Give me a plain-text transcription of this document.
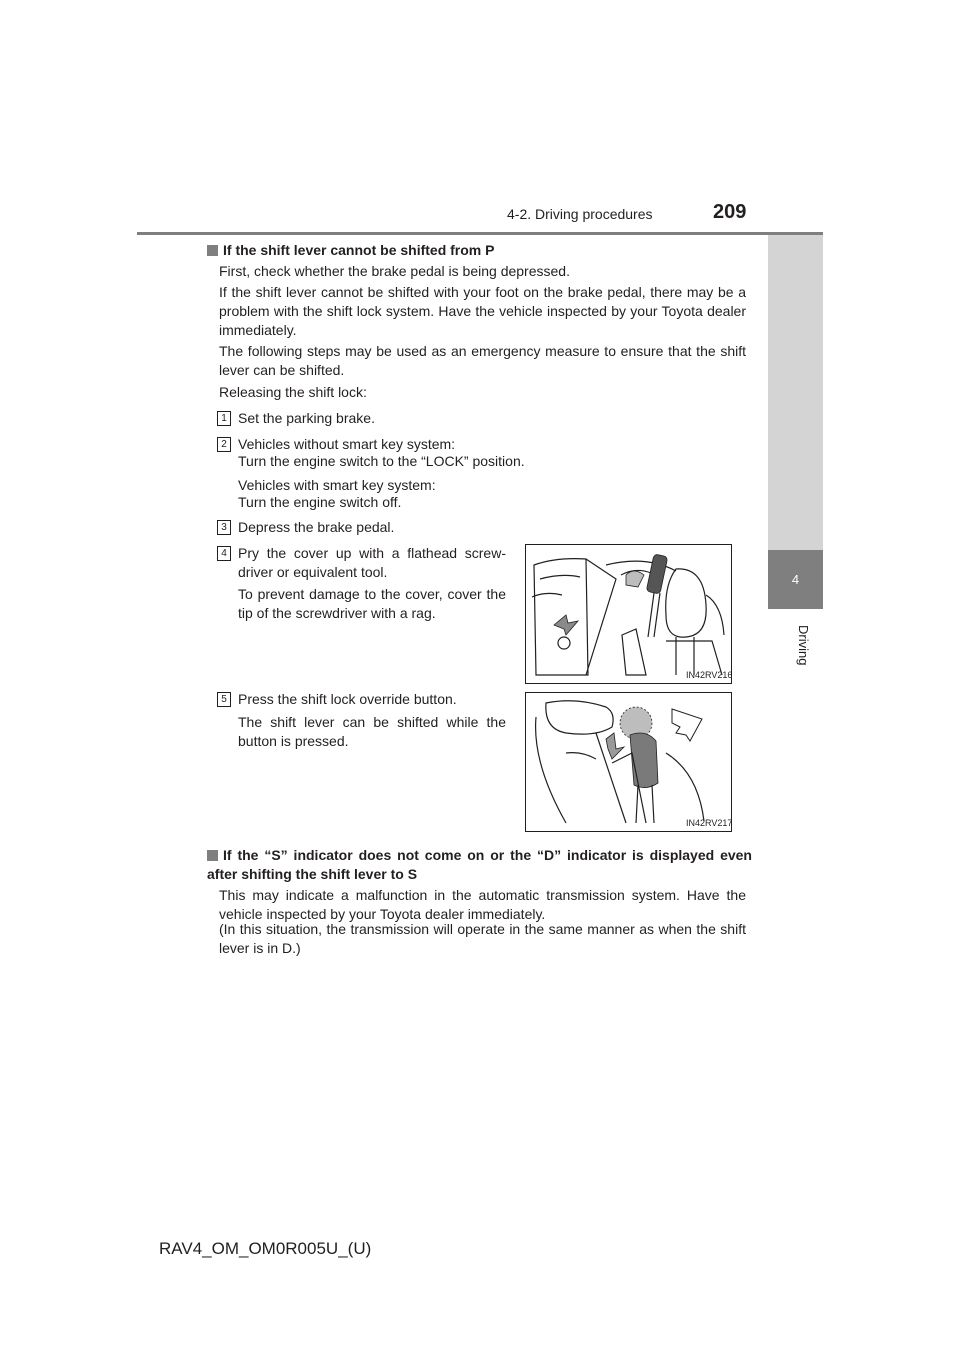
4-2. Driving procedures	209
4
Driving
If the shift lever cannot be shifted from P

First, check whether the brake pedal is being depressed.

If the shift lever cannot be shifted with your foot on the brake pedal, there may be a problem with the shift lock system. Have the vehicle inspected by your Toyota dealer immediately.

The following steps may be used as an emergency measure to ensure that the shift lever can be shifted.

Releasing the shift lock:

1 Set the parking brake.

2 Vehicles without smart key system:

Turn the engine switch to the “LOCK” position.

Vehicles with smart key system:

Turn the engine switch off.

3 Depress the brake pedal.

4 Pry the cover up with a flathead screw-driver or equivalent tool.

To prevent damage to the cover, cover the tip of the screwdriver with a rag.

IN42RV216
5 Press the shift lock override button.

The shift lever can be shifted while the button is pressed.

IN42RV217
If the “S” indicator does not come on or the “D” indicator is displayed even after shifting the shift lever to S

This may indicate a malfunction in the automatic transmission system. Have the vehicle inspected by your Toyota dealer immediately.

(In this situation, the transmission will operate in the same manner as when the shift lever is in D.)

RAV4_OM_OM0R005U_(U)
